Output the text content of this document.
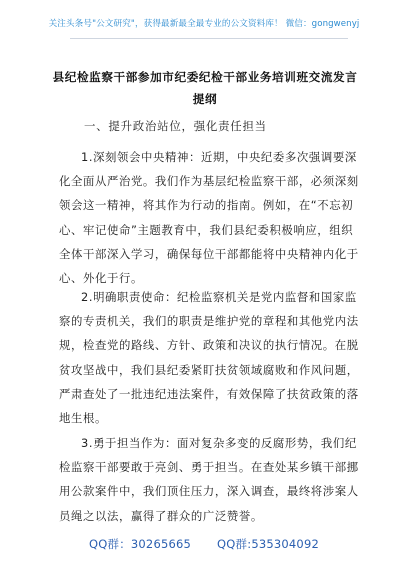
关注头条号"公文研究"，获得最新最全最专业的公文资料库！ 微信：gongwenyj
县纪检监察干部参加市纪委纪检干部业务培训班交流发言
提纲
一、提升政治站位，强化责任担当
1.深刻领会中央精神：近期，中央纪委多次强调要深
化全面从严治党。我们作为基层纪检监察干部，必须深刻
领会这一精神，将其作为行动的指南。例如，在“不忘初
心、牢记使命”主题教育中，我们县纪委积极响应，组织
全体干部深入学习，确保每位干部都能将中央精神内化于
心、外化于行。
2.明确职责使命：纪检监察机关是党内监督和国家监
察的专责机关，我们的职责是维护党的章程和其他党内法
规，检查党的路线、方针、政策和决议的执行情况。在脱
贫攻坚战中，我们县纪委紧盯扶贫领域腐败和作风问题，
严肃查处了一批违纪违法案件，有效保障了扶贫政策的落
地生根。
3.勇于担当作为：面对复杂多变的反腐形势，我们纪
检监察干部要敢于亮剑、勇于担当。在查处某乡镇干部挪
用公款案件中，我们顶住压力，深入调查，最终将涉案人
员绳之以法，赢得了群众的广泛赞誉。
QQ群：30265665 QQ群:535304092
